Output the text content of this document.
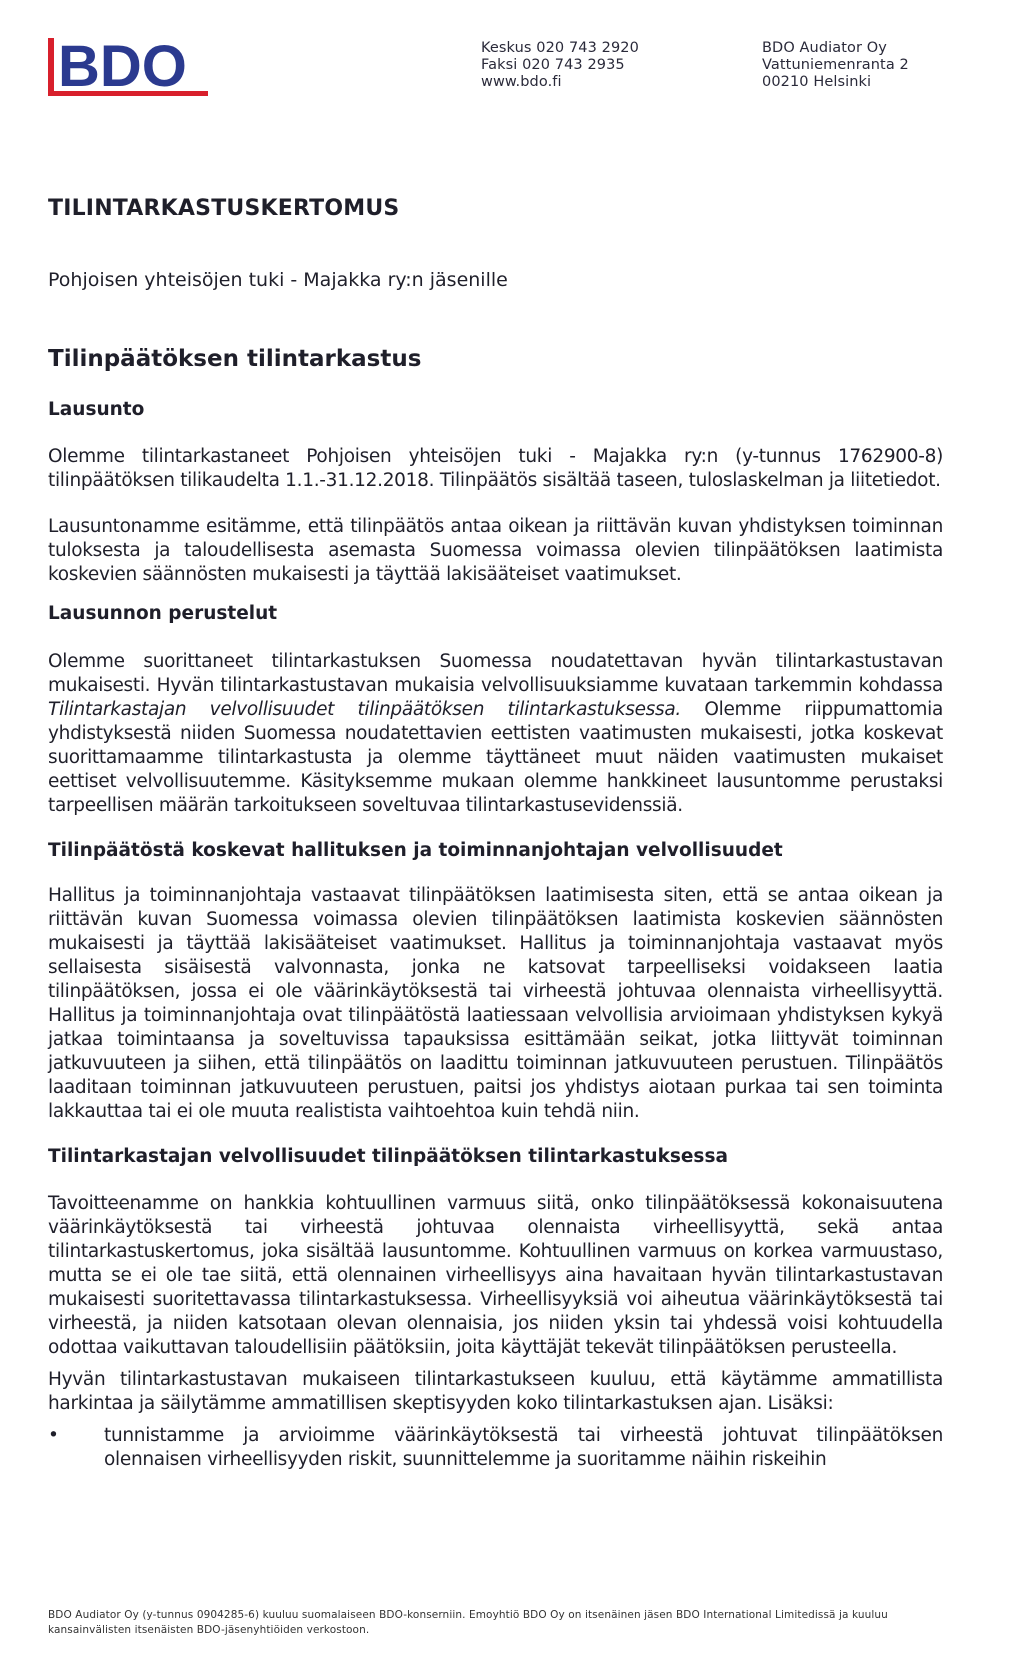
BDO	Keskus 020 743 2920
Faksi 020 743 2935
www.bdo.fi
BDO Audiator Oy
Vattuniemenranta 2
00210 Helsinki
TILINTARKASTUSKERTOMUS
Pohjoisen yhteisöjen tuki - Majakka ry:n jäsenille
Tilinpäätöksen tilintarkastus
Lausunto

Olemme tilintarkastaneet Pohjoisen yhteisöjen tuki - Majakka ry:n (y-tunnus 1762900-8) tilinpäätöksen tilikaudelta 1.1.-31.12.2018. Tilinpäätös sisältää taseen, tuloslaskelman ja liitetiedot.

Lausuntonamme esitämme, että tilinpäätös antaa oikean ja riittävän kuvan yhdistyksen toiminnan tuloksesta ja taloudellisesta asemasta Suomessa voimassa olevien tilinpäätöksen laatimista koskevien säännösten mukaisesti ja täyttää lakisääteiset vaatimukset.

Lausunnon perustelut

Olemme suorittaneet tilintarkastuksen Suomessa noudatettavan hyvän tilintarkastustavan mukaisesti. Hyvän tilintarkastustavan mukaisia velvollisuuksiamme kuvataan tarkemmin kohdassa Tilintarkastajan velvollisuudet tilinpäätöksen tilintarkastuksessa. Olemme riippumattomia yhdistyksestä niiden Suomessa noudatettavien eettisten vaatimusten mukaisesti, jotka koskevat suorittamaamme tilintarkastusta ja olemme täyttäneet muut näiden vaatimusten mukaiset eettiset velvollisuutemme. Käsityksemme mukaan olemme hankkineet lausuntomme perustaksi tarpeellisen määrän tarkoitukseen soveltuvaa tilintarkastusevidenssiä.

Tilinpäätöstä koskevat hallituksen ja toiminnanjohtajan velvollisuudet

Hallitus ja toiminnanjohtaja vastaavat tilinpäätöksen laatimisesta siten, että se antaa oikean ja riittävän kuvan Suomessa voimassa olevien tilinpäätöksen laatimista koskevien säännösten mukaisesti ja täyttää lakisääteiset vaatimukset. Hallitus ja toiminnanjohtaja vastaavat myös sellaisesta sisäisestä valvonnasta, jonka ne katsovat tarpeelliseksi voidakseen laatia tilinpäätöksen, jossa ei ole väärinkäytöksestä tai virheestä johtuvaa olennaista virheellisyyttä. Hallitus ja toiminnanjohtaja ovat tilinpäätöstä laatiessaan velvollisia arvioimaan yhdistyksen kykyä jatkaa toimintaansa ja soveltuvissa tapauksissa esittämään seikat, jotka liittyvät toiminnan jatkuvuuteen ja siihen, että tilinpäätös on laadittu toiminnan jatkuvuuteen perustuen. Tilinpäätös laaditaan toiminnan jatkuvuuteen perustuen, paitsi jos yhdistys aiotaan purkaa tai sen toiminta lakkauttaa tai ei ole muuta realistista vaihtoehtoa kuin tehdä niin.

Tilintarkastajan velvollisuudet tilinpäätöksen tilintarkastuksessa

Tavoitteenamme on hankkia kohtuullinen varmuus siitä, onko tilinpäätöksessä kokonaisuutena väärinkäytöksestä tai virheestä johtuvaa olennaista virheellisyyttä, sekä antaa tilintarkastuskertomus, joka sisältää lausuntomme. Kohtuullinen varmuus on korkea varmuustaso, mutta se ei ole tae siitä, että olennainen virheellisyys aina havaitaan hyvän tilintarkastustavan mukaisesti suoritettavassa tilintarkastuksessa. Virheellisyyksiä voi aiheutua väärinkäytöksestä tai virheestä, ja niiden katsotaan olevan olennaisia, jos niiden yksin tai yhdessä voisi kohtuudella odottaa vaikuttavan taloudellisiin päätöksiin, joita käyttäjät tekevät tilinpäätöksen perusteella.

Hyvän tilintarkastustavan mukaiseen tilintarkastukseen kuuluu, että käytämme ammatillista harkintaa ja säilytämme ammatillisen skeptisyyden koko tilintarkastuksen ajan. Lisäksi:

•	tunnistamme ja arvioimme väärinkäytöksestä tai virheestä johtuvat tilinpäätöksen olennaisen virheellisyyden riskit, suunnittelemme ja suoritamme näihin riskeihin

BDO Audiator Oy (y-tunnus 0904285-6) kuuluu suomalaiseen BDO-konserniin. Emoyhtiö BDO Oy on itsenäinen jäsen BDO International Limitedissä ja kuuluu kansainvälisten itsenäisten BDO-jäsenyhtiöiden verkostoon.
